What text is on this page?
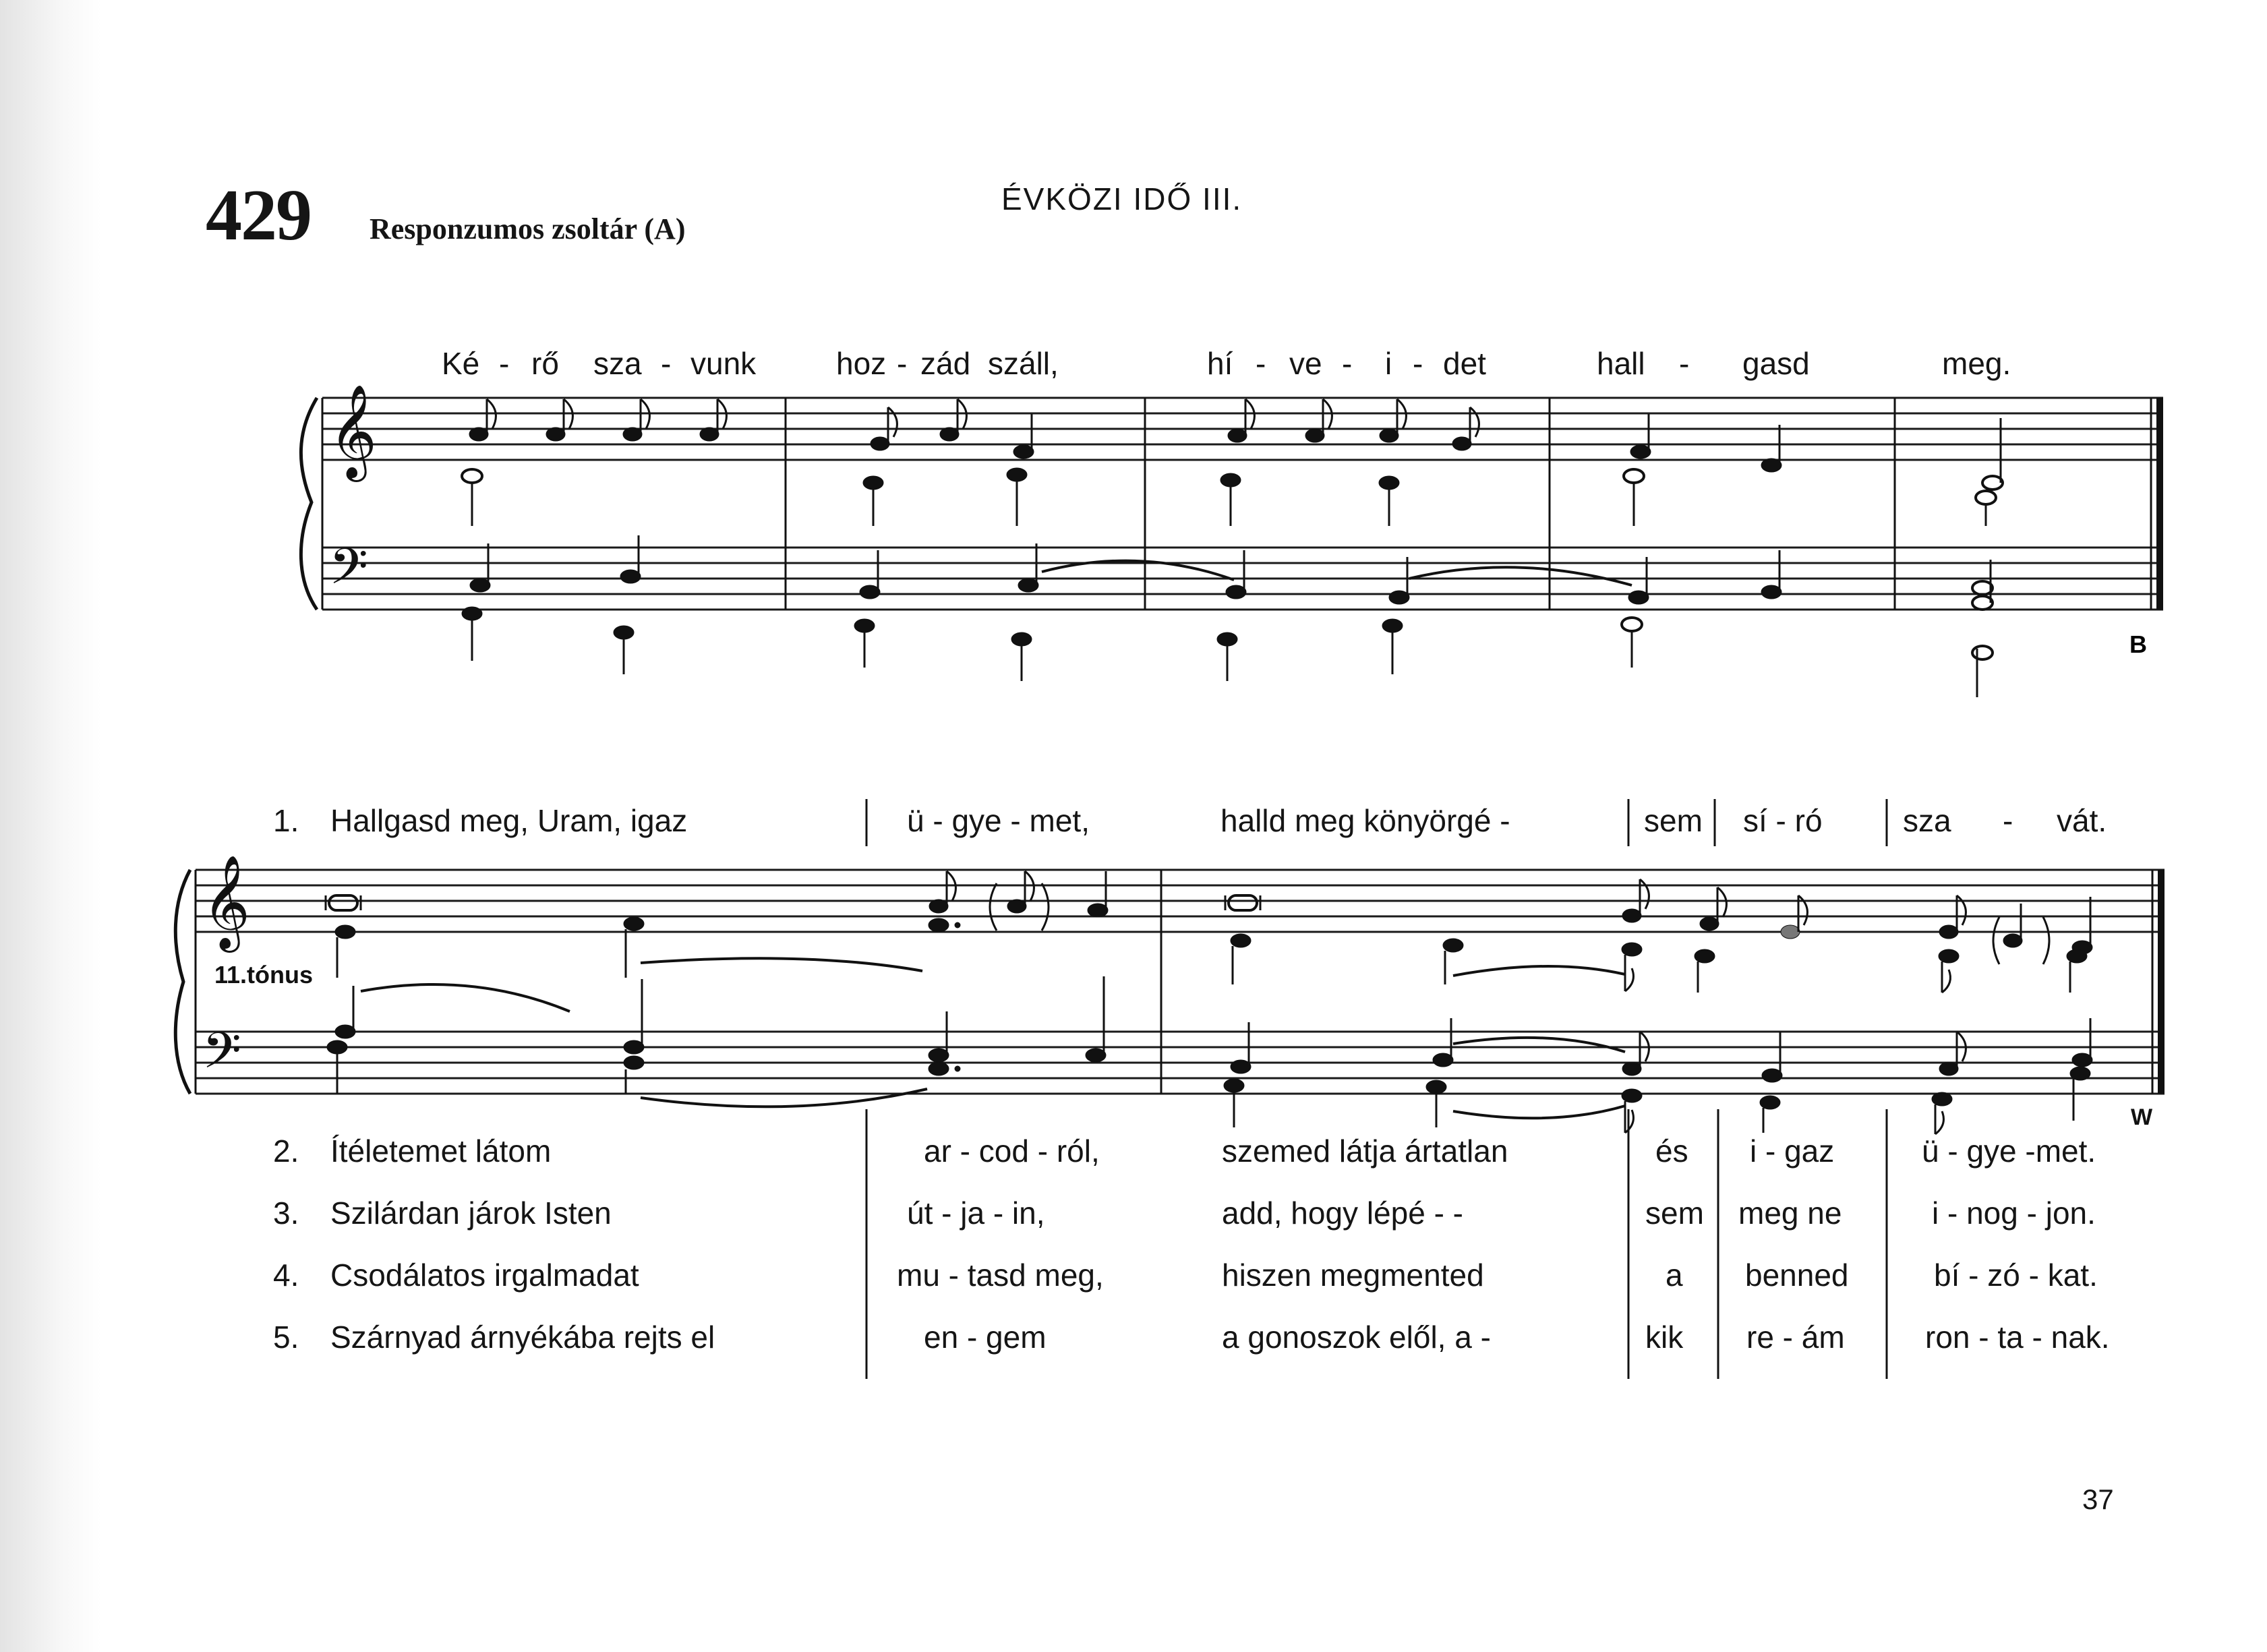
429 Responzumos zsoltár (A)
ÉVKÖZI IDŐ III.
Ké - rő sza - vunk	hoz - zád száll,	hí - ve - i - det	hall - gasd	meg.
𝄞
𝄢
B
1. Hallgasd meg, Uram, igaz	ü - gye - met,	halld meg könyörgé -	sem sí - ró	sza - vát.
𝄞
𝄢
11.tónus
W
2. Ítéletemet látom	ar - cod - ról,	szemed látja ártatlan	és i - gaz	ü - gye -met.
3. Szilárdan járok Isten	út - ja - in,	add, hogy lépé - -	sem meg ne	i - nog - jon.
4. Csodálatos irgalmadat	mu - tasd meg,	hiszen megmented	a benned	bí - zó - kat.
5. Szárnyad árnyékába rejts el	en - gem	a gonoszok elől, a -	kik re - ám	ron - ta - nak.
37
